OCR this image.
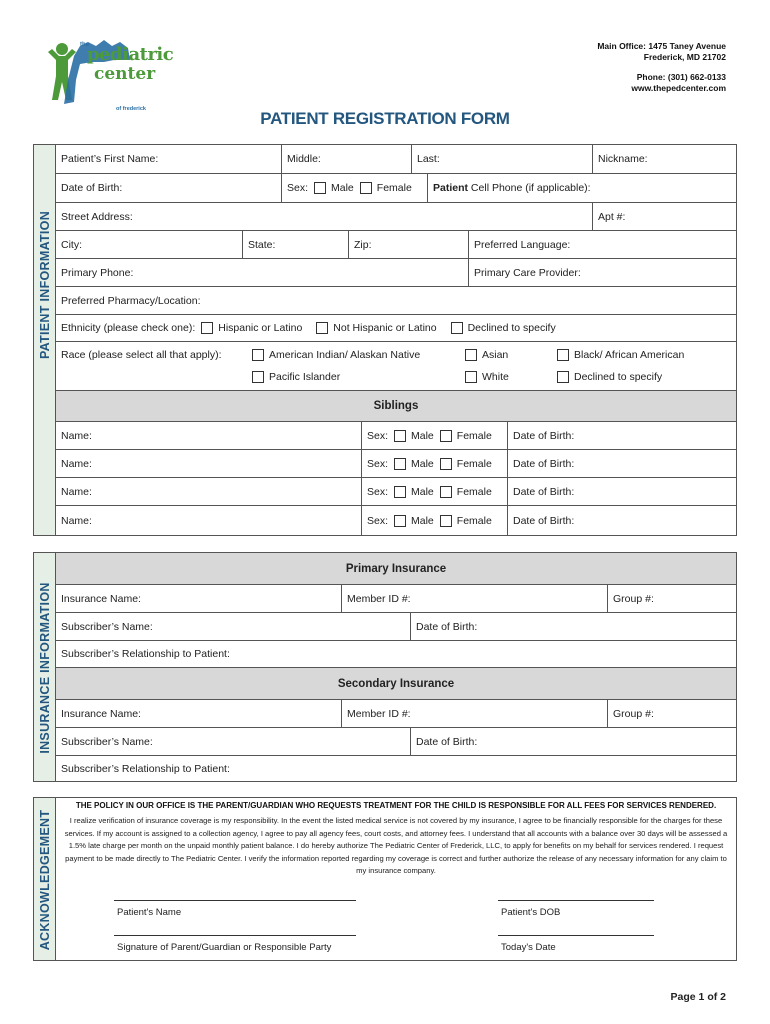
the
pediatric
center
of frederick
Main Office: 1475 Taney Avenue
Frederick, MD 21702
Phone: (301) 662-0133
www.thepedcenter.com
PATIENT REGISTRATION FORM
PATIENT INFORMATION
Patient’s First Name:	Middle:	Last:	Nickname:
Date of Birth:	Sex: Male Female Patient Cell Phone (if applicable):
Street Address:	Apt #:
City:	State:	Zip:	Preferred Language:
Primary Phone:	Primary Care Provider:
Preferred Pharmacy/Location:
Ethnicity (please check one): Hispanic or Latino	Not Hispanic or Latino	Declined to specify
Race (please select all that apply):	American Indian/ Alaskan Native	Asian	Black/ African American
Pacific Islander	White	Declined to specify
Siblings
Name:	Sex: Male Female Date of Birth:
Name:	Sex: Male Female Date of Birth:
Name:	Sex: Male Female Date of Birth:
Name:	Sex: Male Female Date of Birth:
INSURANCE INFORMATION
Primary Insurance
Insurance Name:	Member ID #:	Group #:
Subscriber’s Name:	Date of Birth:
Subscriber’s Relationship to Patient:
Secondary Insurance
Insurance Name:	Member ID #:	Group #:
Subscriber’s Name:	Date of Birth:
Subscriber’s Relationship to Patient:
ACKNOWLEDGEMENT
THE POLICY IN OUR OFFICE IS THE PARENT/GUARDIAN WHO REQUESTS TREATMENT FOR THE CHILD IS RESPONSIBLE FOR ALL FEES FOR SERVICES RENDERED.
I realize verification of insurance coverage is my responsibility. In the event the listed medical service is not covered by my insurance, I agree to be financially responsible for the charges for these services. If my account is assigned to a collection agency, I agree to pay all agency fees, court costs, and attorney fees. I understand that all accounts with a balance over 30 days will be assessed a 1.5% late charge per month on the unpaid monthly patient balance. I do hereby authorize The Pediatric Center of Frederick, LLC, to apply for benefits on my behalf for services rendered. I request payment to be made directly to The Pediatric Center. I verify the information reported regarding my coverage is correct and further authorize the release of any necessary information for any claim to my insurance company.
Patient's Name	Patient's DOB
Signature of Parent/Guardian or Responsible Party	Today's Date
Page 1 of 2
